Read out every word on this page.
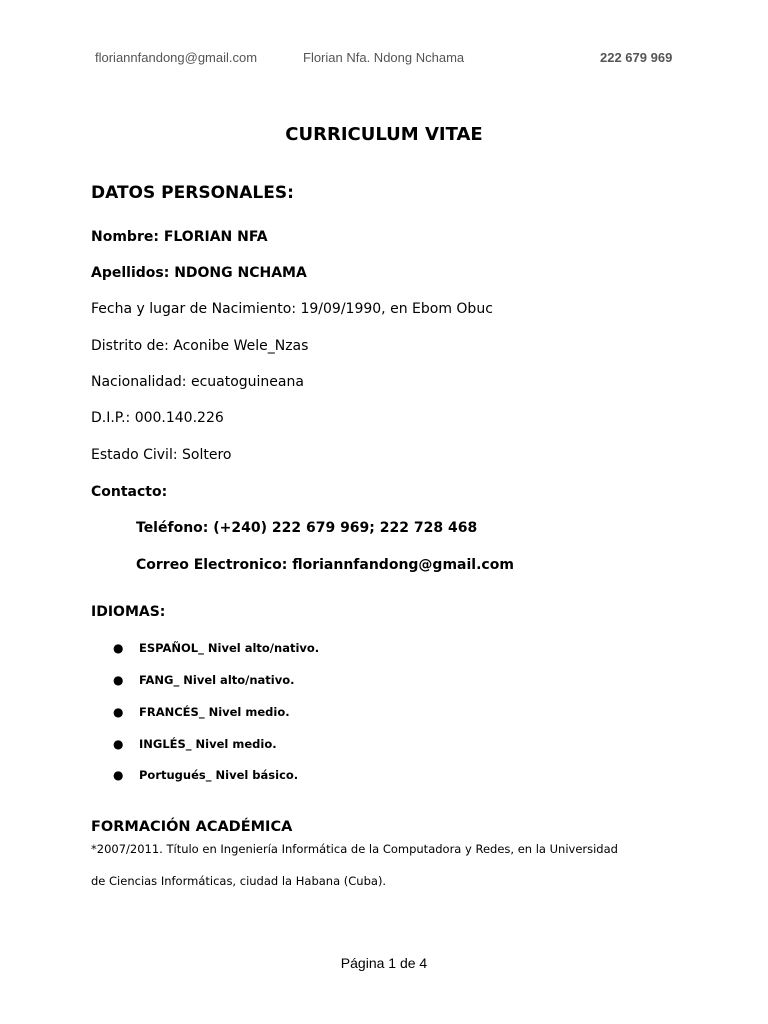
floriannfandong@gmail.com	Florian Nfa. Ndong Nchama	222 679 969
CURRICULUM VITAE
DATOS PERSONALES:
Nombre: FLORIAN NFA
Apellidos: NDONG NCHAMA
Fecha y lugar de Nacimiento: 19/09/1990, en Ebom Obuc
Distrito de: Aconibe Wele_Nzas
Nacionalidad: ecuatoguineana
D.I.P.: 000.140.226
Estado Civil: Soltero
Contacto:
Teléfono: (+240) 222 679 969; 222 728 468
Correo Electronico: floriannfandong@gmail.com
IDIOMAS:
● ESPAÑOL_ Nivel alto/nativo.
● FANG_ Nivel alto/nativo.
● FRANCÉS_ Nivel medio.
● INGLÉS_ Nivel medio.
● Portugués_ Nivel básico.
FORMACIÓN ACADÉMICA
*2007/2011. Título en Ingeniería Informática de la Computadora y Redes, en la Universidad
de Ciencias Informáticas, ciudad la Habana (Cuba).
Página 1 de 4
